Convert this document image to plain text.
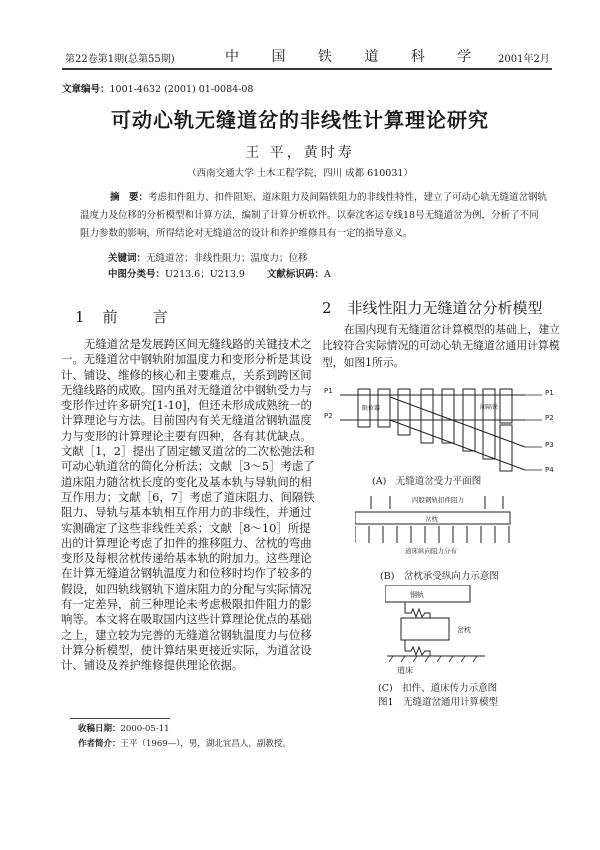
第22卷第1期(总第55期)	中 国 铁 道 科 学 2001年2月
文章编号：1001-4632 (2001) 01-0084-08
可动心轨无缝道岔的非线性计算理论研究
王 平，黄时寿
（西南交通大学 土木工程学院，四川 成都 610031）
摘　要：考虑扣件阻力、扣件阻矩、道床阻力及间隔铁阻力的非线性特性，建立了可动心轨无缝道岔钢轨
温度力及位移的分析模型和计算方法，编制了计算分析软件。以秦沈客运专线18号无缝道岔为例，分析了不同
阻力参数的影响，所得结论对无缝道岔的设计和养护维修具有一定的指导意义。
关键词：无缝道岔；非线性阻力；温度力；位移
中图分类号：U213.6；U213.9 文献标识码：A
1 前　言
无缝道岔是发展跨区间无缝线路的关键技术之
一。无缝道岔中钢轨附加温度力和变形分析是其设
计、铺设、维修的核心和主要难点，关系到跨区间
无缝线路的成败。国内虽对无缝道岔中钢轨受力与
变形作过许多研究[1-10]，但还未形成成熟统一的
计算理论与方法。目前国内有关无缝道岔钢轨温度
力与变形的计算理论主要有四种，各有其优缺点。
文献［1，2］提出了固定辙叉道岔的二次松弛法和
可动心轨道岔的简化分析法；文献［3～5］考虑了
道床阻力随岔枕长度的变化及基本轨与导轨间的相
互作用力；文献［6，7］考虑了道床阻力、间隔铁
阻力、导轨与基本轨相互作用力的非线性，并通过
实测确定了这些非线性关系；文献［8～10］所提
出的计算理论考虑了扣件的推移阻力、岔枕的弯曲
变形及每根岔枕传递给基本轨的附加力。这些理论
在计算无缝道岔钢轨温度力和位移时均作了较多的
假设，如四轨线钢轨下道床阻力的分配与实际情况
有一定差异，前三种理论未考虑极限扣件阻力的影
响等。本文将在吸取国内这些计算理论优点的基础
之上，建立较为完善的无缝道岔钢轨温度力与位移
计算分析模型，使计算结果更接近实际，为道岔设
计、铺设及养护维修提供理论依据。
2 非线性阻力无缝道岔分析模型
在国内现有无缝道岔计算模型的基础上，建立
比较符合实际情况的可动心轨无缝道岔通用计算模
型，如图1所示。
P1
P2
P1
P2
P3
P4
限位器	间隔铁
(A)　无缝道岔受力平面图
四股钢轨扣件阻力
岔枕
道床纵向阻力分布
(B)　岔枕承受纵向力示意图
钢轨
岔枕
道床
(C)　扣件、道床传力示意图
图1　无缝道岔通用计算模型
收稿日期：2000-05-11
作者简介：王平（1969—），男，湖北宜昌人，副教授。
